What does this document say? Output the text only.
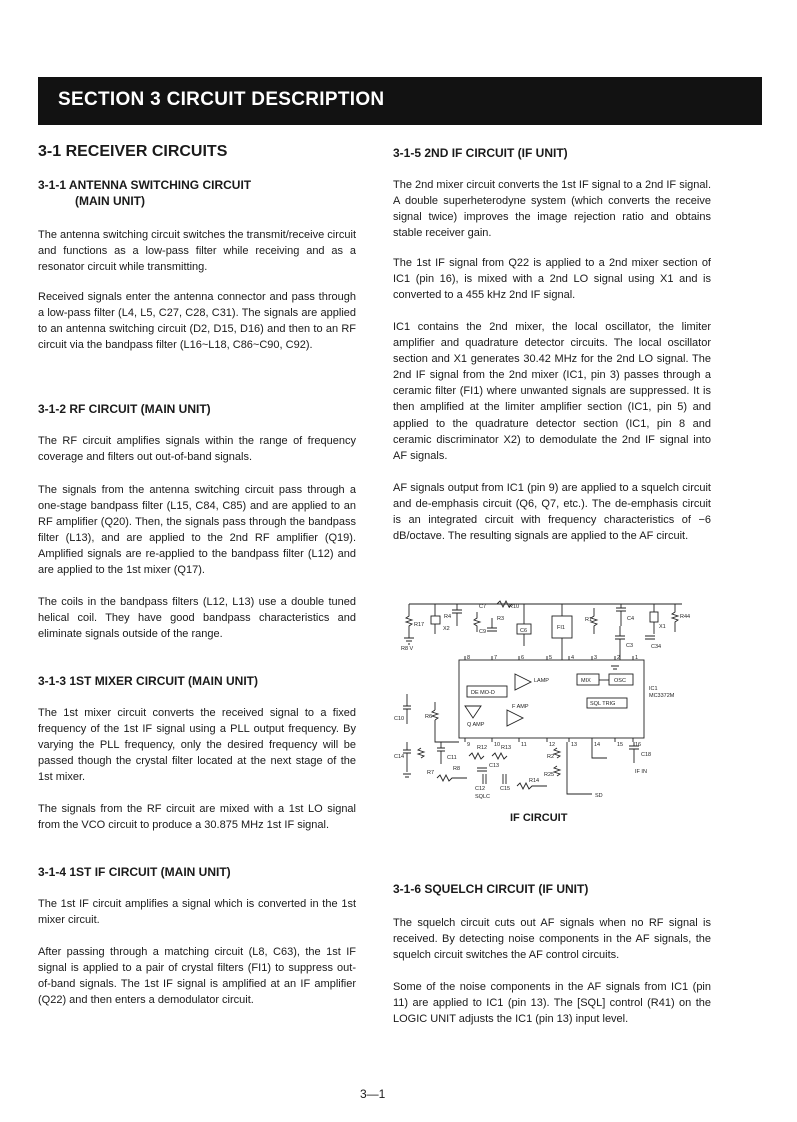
SECTION 3 CIRCUIT DESCRIPTION
3-1 RECEIVER CIRCUITS
3-1-1 ANTENNA SWITCHING CIRCUIT
(MAIN UNIT)
The antenna switching circuit switches the transmit/receive circuit and functions as a low-pass filter while receiving and as a resonator circuit while transmitting.
Received signals enter the antenna connector and pass through a low-pass filter (L4, L5, C27, C28, C31). The signals are applied to an antenna switching circuit (D2, D15, D16) and then to an RF circuit via the bandpass filter (L16~L18, C86~C90, C92).
3-1-2 RF CIRCUIT (MAIN UNIT)
The RF circuit amplifies signals within the range of frequency coverage and filters out out-of-band signals.
The signals from the antenna switching circuit pass through a one-stage bandpass filter (L15, C84, C85) and are applied to an RF amplifier (Q20). Then, the signals pass through the bandpass filter (L13), and are applied to the 2nd RF amplifier (Q19). Amplified signals are re-applied to the bandpass filter (L12) and are applied to the 1st mixer (Q17).
The coils in the bandpass filters (L12, L13) use a double tuned helical coil. They have good bandpass characteristics and eliminate signals outside of the range.
3-1-3 1ST MIXER CIRCUIT (MAIN UNIT)
The 1st mixer circuit converts the received signal to a fixed frequency of the 1st IF signal using a PLL output frequency. By varying the PLL frequency, only the desired frequency will be passed though the crystal filter located at the next stage of the 1st mixer.
The signals from the RF circuit are mixed with a 1st LO signal from the VCO circuit to produce a 30.875 MHz 1st IF signal.
3-1-4 1ST IF CIRCUIT (MAIN UNIT)
The 1st IF circuit amplifies a signal which is converted in the 1st mixer circuit.
After passing through a matching circuit (L8, C63), the 1st IF signal is applied to a pair of crystal filters (FI1) to suppress out-of-band signals. The 1st IF signal is amplified at an IF amplifier (Q22) and then enters a demodulator circuit.
3-1-5 2ND IF CIRCUIT (IF UNIT)
The 2nd mixer circuit converts the 1st IF signal to a 2nd IF signal. A double superheterodyne system (which converts the receive signal twice) improves the image rejection ratio and obtains stable receiver gain.
The 1st IF signal from Q22 is applied to a 2nd mixer section of IC1 (pin 16), is mixed with a 2nd LO signal using X1 and is converted to a 455 kHz 2nd IF signal.
IC1 contains the 2nd mixer, the local oscillator, the limiter amplifier and quadrature detector circuits. The local oscillator section and X1 generates 30.42 MHz for the 2nd LO signal. The 2nd IF signal from the 2nd mixer (IC1, pin 3) passes through a ceramic filter (FI1) where unwanted signals are suppressed. It is then amplified at the limiter amplifier section (IC1, pin 5) and applied to the quadrature detector section (IC1, pin 8 and ceramic discriminator X2) to demodulate the 2nd IF signal into AF signals.
AF signals output from IC1 (pin 9) are applied to a squelch circuit and de-emphasis circuit (Q6, Q7, etc.). The de-emphasis circuit is an integrated circuit with frequency characteristics of −6 dB/octave. The resulting signals are applied to the AF circuit.
3-1-6 SQUELCH CIRCUIT (IF UNIT)
The squelch circuit cuts out AF signals when no RF signal is received. By detecting noise components in the AF signals, the squelch circuit switches the AF control circuits.
Some of the noise components in the AF signals from IC1 (pin 11) are applied to IC1 (pin 13). The [SQL] control (R41) on the LOGIC UNIT adjusts the IC1 (pin 13) input level.
C7	R10
R4
R17
X2	C9
R3
C6	FI1
R1	C4
X1
R44
C3	C34
R8 V
LAMP	MIX	OSC
DE MO-D
SQL TRIG
IC1
MC3372M
F AMP
Q AMP
C10	R6
C14	C11
R7
R8
R12	R13
C13
C12	C15
SQLC
R14
R2
R25
C18
IF IN
SD
8	7	6	5	4	3	2	1
9	10	11	12	13	14	15 16
IF CIRCUIT
3—1
